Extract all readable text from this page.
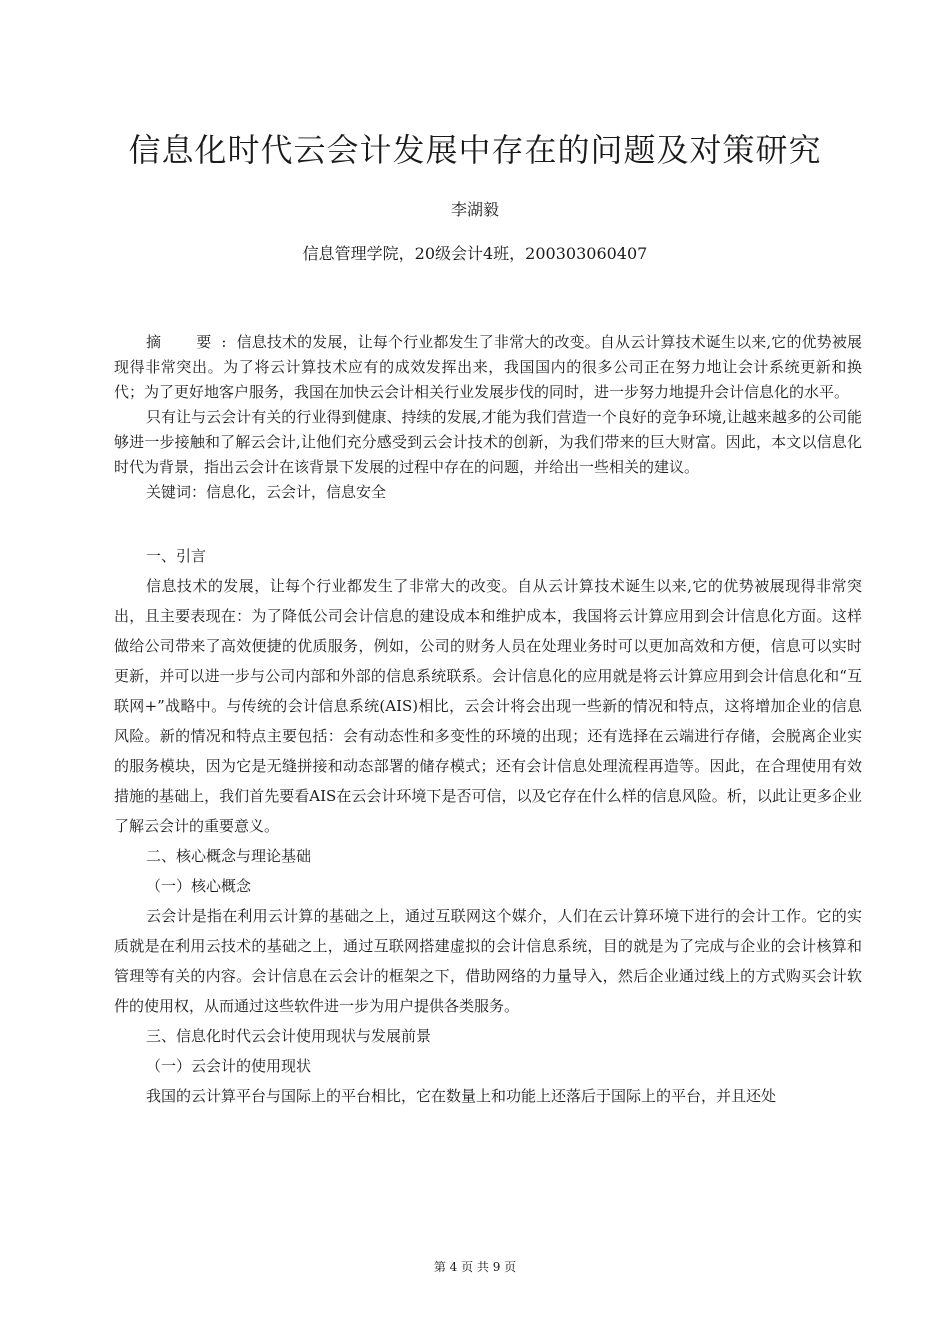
信息化时代云会计发展中存在的问题及对策研究
李湖毅
信息管理学院，20级会计4班，200303060407

摘　要:信息技术的发展，让每个行业都发生了非常大的改变。自从云计算技术诞生以来,它的优势被展现得非常突出。为了将云计算技术应有的成效发挥出来，我国国内的很多公司正在努力地让会计系统更新和换代；为了更好地客户服务，我国在加快云会计相关行业发展步伐的同时，进一步努力地提升会计信息化的水平。

只有让与云会计有关的行业得到健康、持续的发展,才能为我们营造一个良好的竞争环境,让越来越多的公司能够进一步接触和了解云会计,让他们充分感受到云会计技术的创新，为我们带来的巨大财富。因此，本文以信息化时代为背景，指出云会计在该背景下发展的过程中存在的问题，并给出一些相关的建议。

关键词：信息化，云会计，信息安全

一、引言

信息技术的发展，让每个行业都发生了非常大的改变。自从云计算技术诞生以来,它的优势被展现得非常突出，且主要表现在：为了降低公司会计信息的建设成本和维护成本，我国将云计算应用到会计信息化方面。这样做给公司带来了高效便捷的优质服务，例如，公司的财务人员在处理业务时可以更加高效和方便，信息可以实时更新，并可以进一步与公司内部和外部的信息系统联系。会计信息化的应用就是将云计算应用到会计信息化和“互联网+”战略中。与传统的会计信息系统(AIS)相比，云会计将会出现一些新的情况和特点，这将增加企业的信息风险。新的情况和特点主要包括：会有动态性和多变性的环境的出现；还有选择在云端进行存储，会脱离企业实的服务模块，因为它是无缝拼接和动态部署的储存模式；还有会计信息处理流程再造等。因此，在合理使用有效措施的基础上，我们首先要看AIS在云会计环境下是否可信，以及它存在什么样的信息风险。析，以此让更多企业了解云会计的重要意义。

二、核心概念与理论基础
（一）核心概念

云会计是指在利用云计算的基础之上，通过互联网这个媒介，人们在云计算环境下进行的会计工作。它的实质就是在利用云技术的基础之上，通过互联网搭建虚拟的会计信息系统，目的就是为了完成与企业的会计核算和管理等有关的内容。会计信息在云会计的框架之下，借助网络的力量导入，然后企业通过线上的方式购买会计软件的使用权，从而通过这些软件进一步为用户提供各类服务。

三、信息化时代云会计使用现状与发展前景
（一）云会计的使用现状

我国的云计算平台与国际上的平台相比，它在数量上和功能上还落后于国际上的平台，并且还处

第 4 页 共 9 页
